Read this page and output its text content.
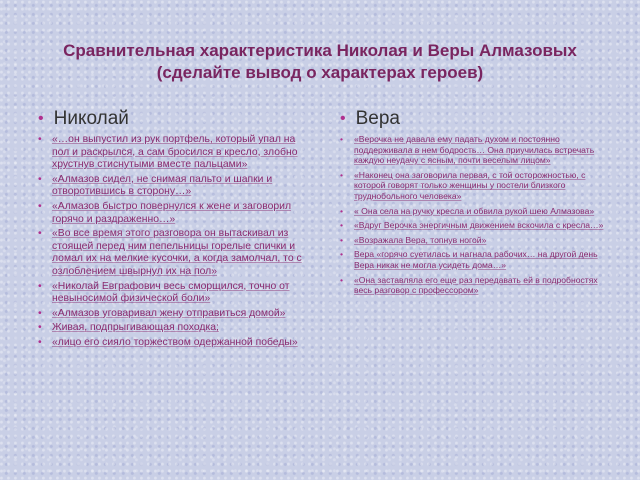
Сравнительная характеристика Николая и Веры Алмазовых
(сделайте вывод о характерах героев)
• Николай
• «…он выпустил из рук портфель, который упал на пол и раскрылся, а сам бросился в кресло, злобно хрустнув стиснутыми вместе пальцами»
• «Алмазов сидел, не снимая пальто и шапки и отворотившись в сторону…»
• «Алмазов быстро повернулся к жене и заговорил горячо и раздраженно…»
• «Во все время этого разговора он вытаскивал из стоящей перед ним пепельницы горелые спички и ломал их на мелкие кусочки, а когда замолчал, то с озлоблением швырнул их на пол»
• «Николай Евграфович весь сморщился, точно от невыносимой физической боли»
• «Алмазов уговаривал жену отправиться домой»
• Живая, подпрыгивающая походка;
• «лицо его сияло торжеством одержанной победы»
• Вера
• «Верочка не давала ему падать духом и постоянно поддерживала в нем бодрость… Она приучилась встречать каждую неудачу с ясным, почти веселым лицом»
• «Наконец она заговорила первая, с той осторожностью, с которой говорят только женщины у постели близкого труднобольного человека»
• « Она села на ручку кресла и обвила рукой шею Алмазова»
• «Вдруг Верочка энергичным движением вскочила с кресла…»
• «Возражала Вера, топнув ногой»
• Вера «горячо суетилась и нагнала рабочих… на другой день Вера никак не могла усидеть дома…»
• «Она заставляла его еще раз передавать ей в подробностях весь разговор с профессором»
